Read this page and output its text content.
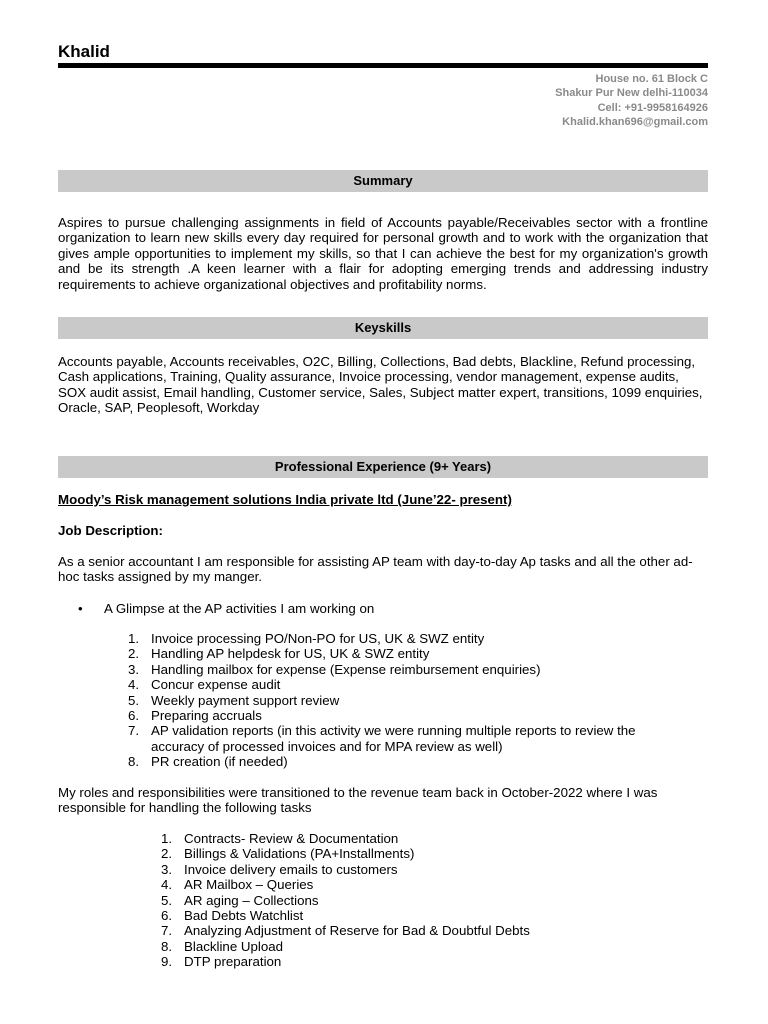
Khalid
House no. 61 Block C
Shakur Pur New delhi-110034
Cell: +91-9958164926
Khalid.khan696@gmail.com
Summary
Aspires to pursue challenging assignments in field of Accounts payable/Receivables sector with a frontline organization to learn new skills every day required for personal growth and to work with the organization that gives ample opportunities to implement my skills, so that I can achieve the best for my organization's growth and be its strength .A keen learner with a flair for adopting emerging trends and addressing industry requirements to achieve organizational objectives and profitability norms.
Keyskills
Accounts payable, Accounts receivables, O2C, Billing, Collections, Bad debts, Blackline, Refund processing, Cash applications, Training, Quality assurance, Invoice processing, vendor management, expense audits, SOX audit assist, Email handling, Customer service, Sales, Subject matter expert, transitions, 1099 enquiries, Oracle, SAP, Peoplesoft, Workday
Professional Experience (9+ Years)
Moody’s Risk management solutions India private ltd (June’22- present)
Job Description:
As a senior accountant I am responsible for assisting AP team with day-to-day Ap tasks and all the other ad-hoc tasks assigned by my manger.
• A Glimpse at the AP activities I am working on
1. Invoice processing PO/Non-PO for US, UK & SWZ entity
2. Handling AP helpdesk for US, UK & SWZ entity
3. Handling mailbox for expense (Expense reimbursement enquiries)
4. Concur expense audit
5. Weekly payment support review
6. Preparing accruals
7. AP validation reports (in this activity we were running multiple reports to review the accuracy of processed invoices and for MPA review as well)
8. PR creation (if needed)
My roles and responsibilities were transitioned to the revenue team back in October-2022 where I was responsible for handling the following tasks
1. Contracts- Review & Documentation
2. Billings & Validations (PA+Installments)
3. Invoice delivery emails to customers
4. AR Mailbox – Queries
5. AR aging – Collections
6. Bad Debts Watchlist
7. Analyzing Adjustment of Reserve for Bad & Doubtful Debts
8. Blackline Upload
9. DTP preparation
